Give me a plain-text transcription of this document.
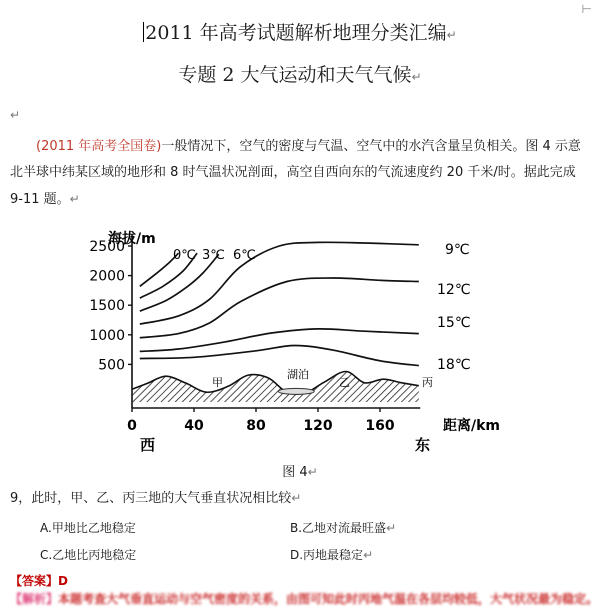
⊢
2011 年高考试题解析地理分类汇编↵
专题 2 大气运动和天气气候↵
↵
(2011 年高考全国卷)一般情况下，空气的密度与气温、空气中的水汽含量呈负相关。图 4 示意北半球中纬某区域的地形和 8 时气温状况剖面，高空自西向东的气流速度约 20 千米/时。据此完成 9-11 题。↵
500
1000
1500
2000
2500
0	40	80	120 160
海拔/m
距离/km
西	东
甲
湖泊
乙	丙
0℃ 3℃ 6℃	9℃
12℃
15℃
18℃
图 4↵
9，此时，甲、乙、丙三地的大气垂直状况相比较↵
A.甲地比乙地稳定	B.乙地对流最旺盛↵
C.乙地比丙地稳定	D.丙地最稳定↵
【答案】D
【解析】本题考查大气垂直运动与空气密度的关系，由图可知此时丙地气温在各层均较低，大气状况最为稳定。
